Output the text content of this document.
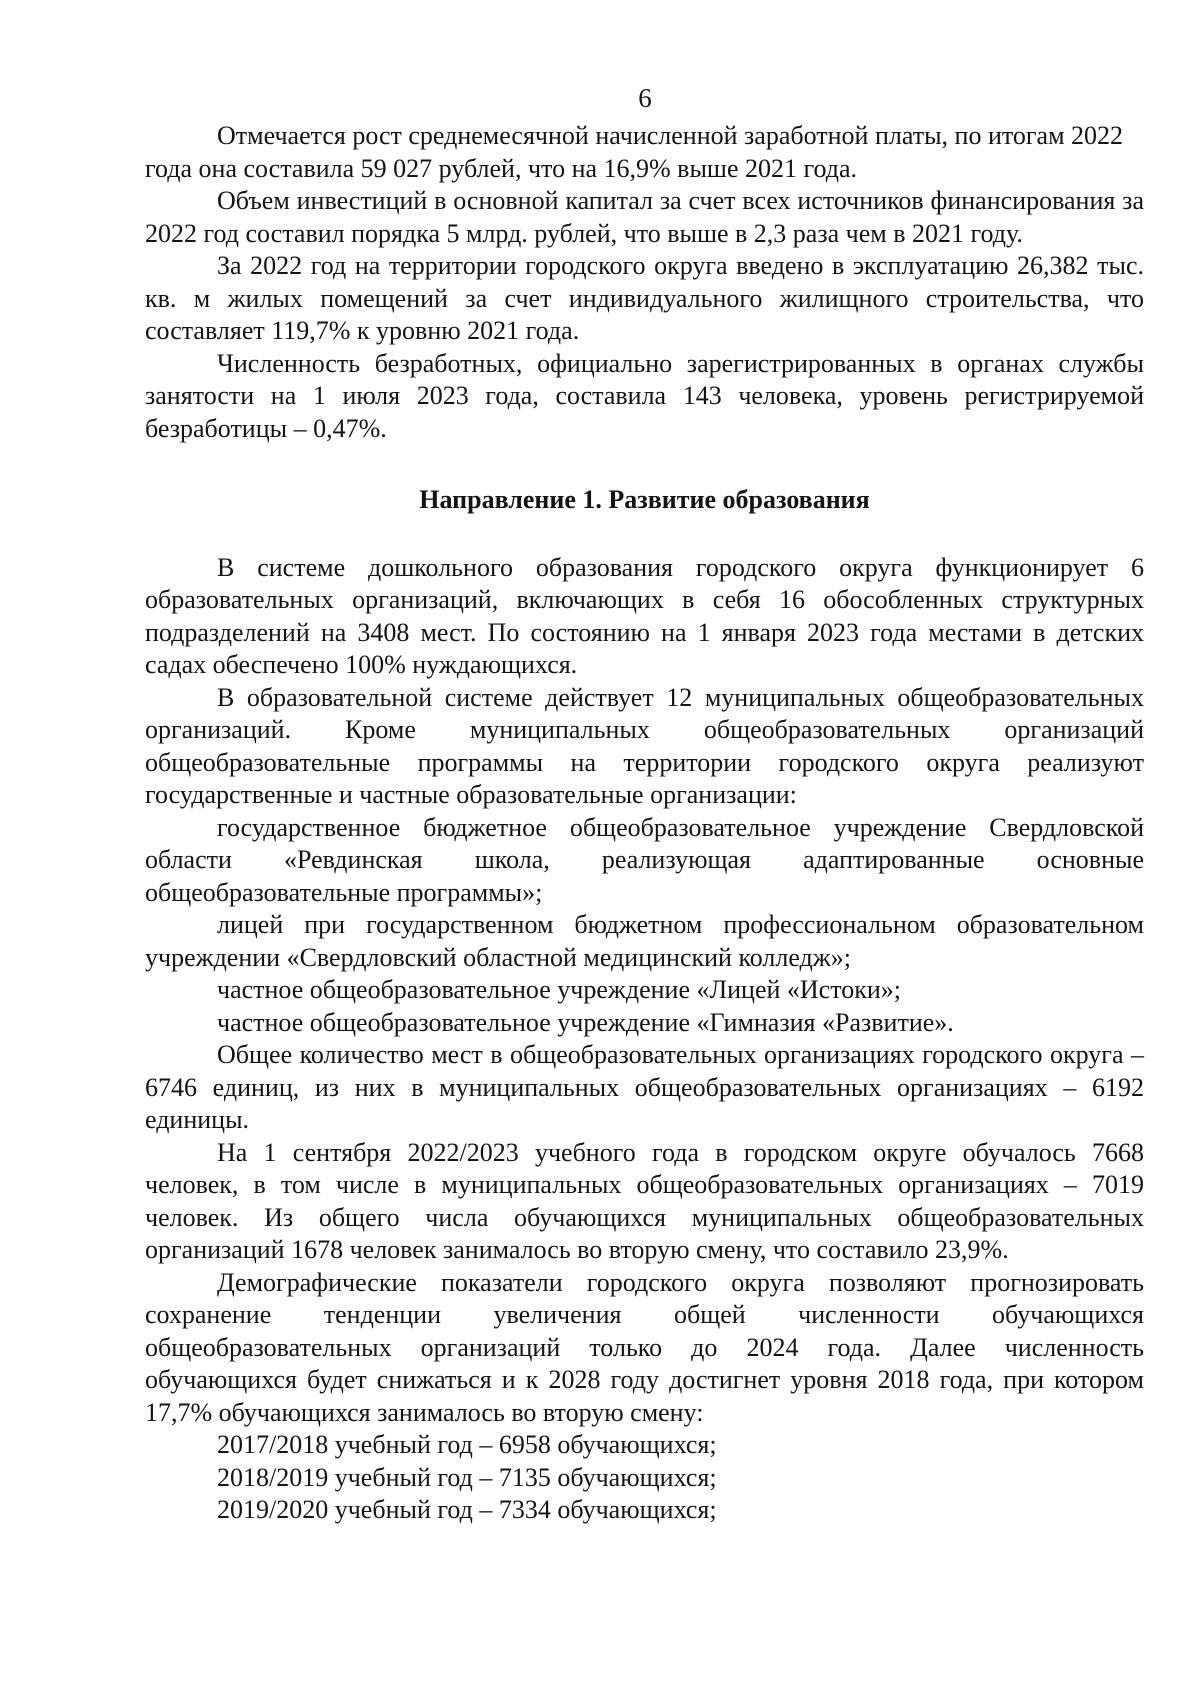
6

Отмечается рост среднемесячной начисленной заработной платы, по итогам 2022 года она составила 59 027 рублей, что на 16,9% выше 2021 года.

Объем инвестиций в основной капитал за счет всех источников финансирования за 2022 год составил порядка 5 млрд. рублей, что выше в 2,3 раза чем в 2021 году.

За 2022 год на территории городского округа введено в эксплуатацию 26,382 тыс. кв. м жилых помещений за счет индивидуального жилищного строительства, что составляет 119,7% к уровню 2021 года.

Численность безработных, официально зарегистрированных в органах службы занятости на 1 июля 2023 года, составила 143 человека, уровень регистрируемой безработицы – 0,47%.

Направление 1. Развитие образования

В системе дошкольного образования городского округа функционирует 6 образовательных организаций, включающих в себя 16 обособленных структурных подразделений на 3408 мест. По состоянию на 1 января 2023 года местами в детских садах обеспечено 100% нуждающихся.

В образовательной системе действует 12 муниципальных общеобразовательных организаций. Кроме муниципальных общеобразовательных организаций общеобразовательные программы на территории городского округа реализуют государственные и частные образовательные организации:

государственное бюджетное общеобразовательное учреждение Свердловской области «Ревдинская школа, реализующая адаптированные основные общеобразовательные программы»;

лицей при государственном бюджетном профессиональном образовательном учреждении «Свердловский областной медицинский колледж»;

частное общеобразовательное учреждение «Лицей «Истоки»;

частное общеобразовательное учреждение «Гимназия «Развитие».

Общее количество мест в общеобразовательных организациях городского округа – 6746 единиц, из них в муниципальных общеобразовательных организациях – 6192 единицы.

На 1 сентября 2022/2023 учебного года в городском округе обучалось 7668 человек, в том числе в муниципальных общеобразовательных организациях – 7019 человек. Из общего числа обучающихся муниципальных общеобразовательных организаций 1678 человек занималось во вторую смену, что составило 23,9%.

Демографические показатели городского округа позволяют прогнозировать сохранение тенденции увеличения общей численности обучающихся общеобразовательных организаций только до 2024 года. Далее численность обучающихся будет снижаться и к 2028 году достигнет уровня 2018 года, при котором 17,7% обучающихся занималось во вторую смену:

2017/2018 учебный год – 6958 обучающихся;

2018/2019 учебный год – 7135 обучающихся;

2019/2020 учебный год – 7334 обучающихся;
